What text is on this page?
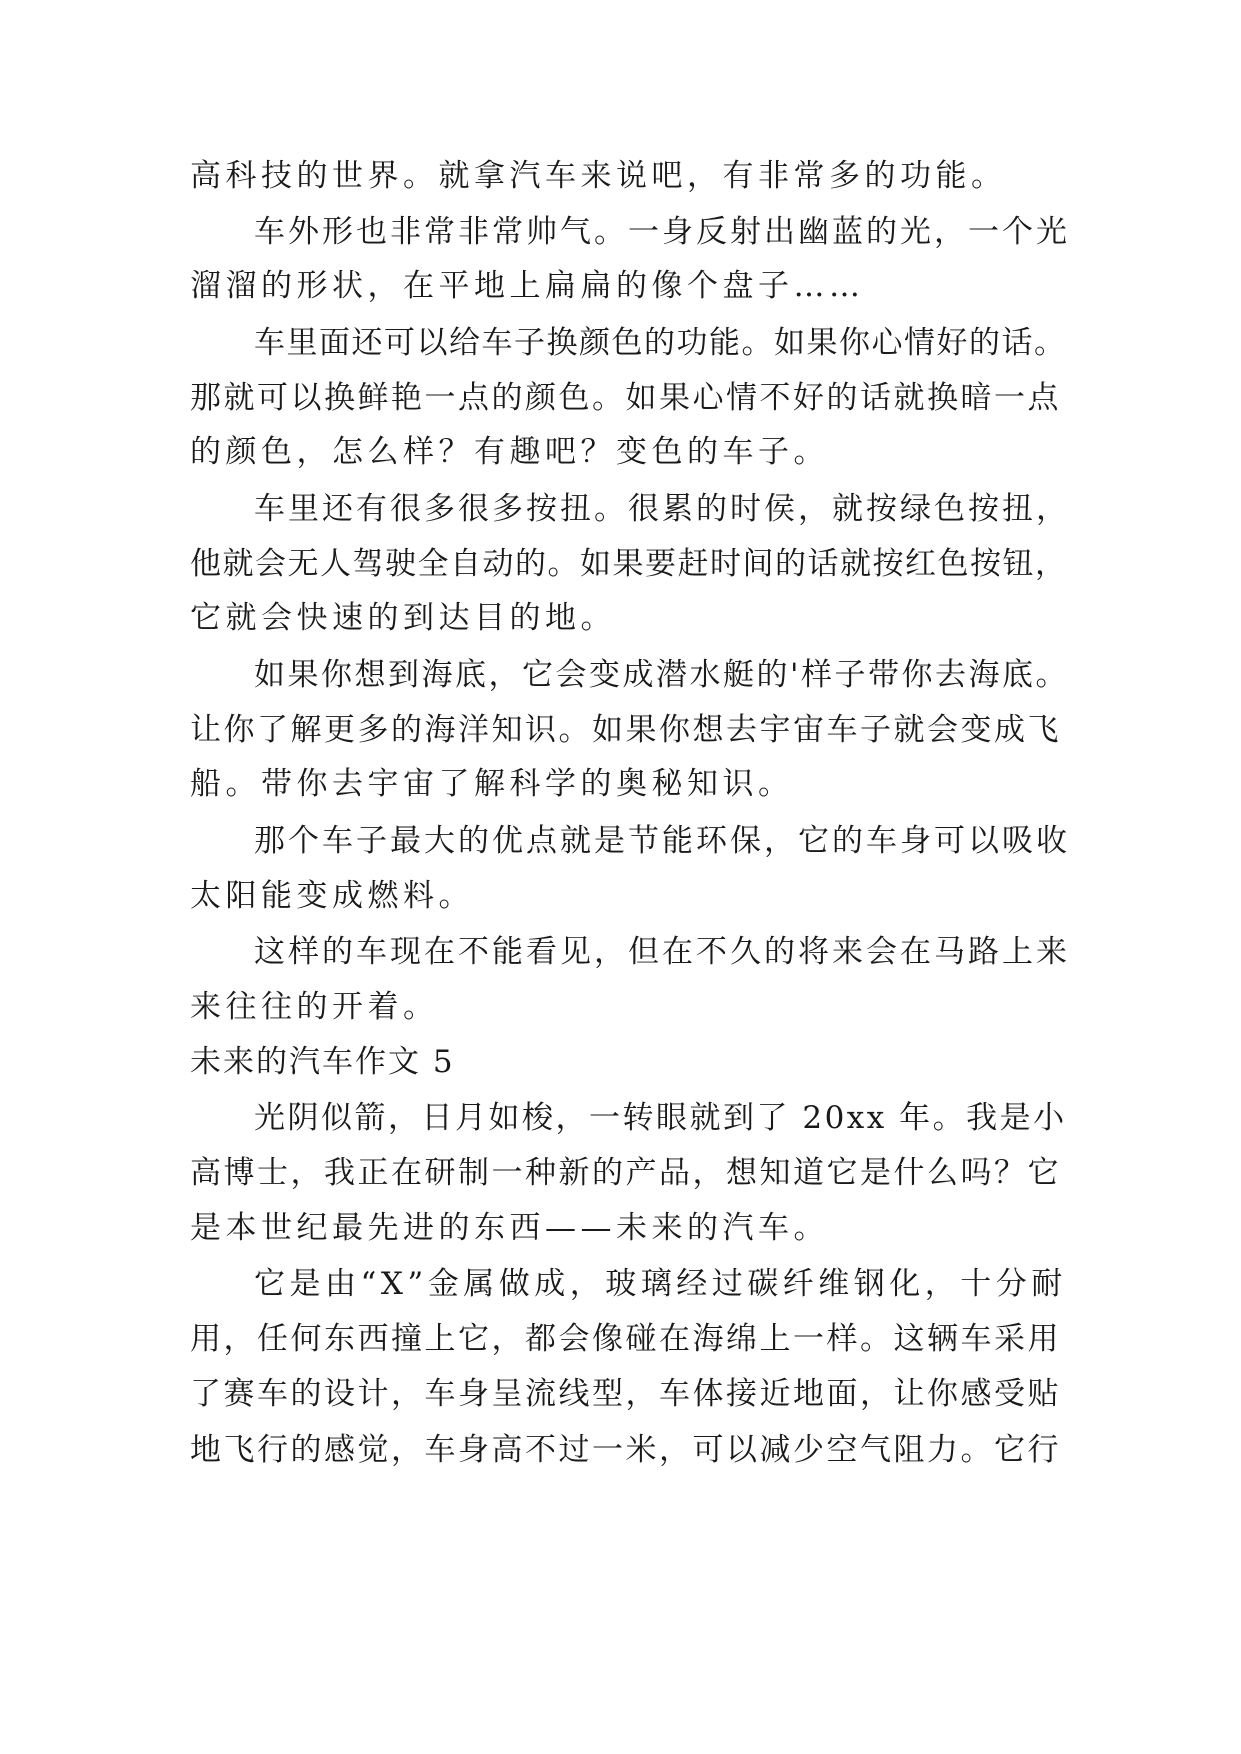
高科技的世界。就拿汽车来说吧，有非常多的功能。
车外形也非常非常帅气。一身反射出幽蓝的光，一个光
溜溜的形状，在平地上扁扁的像个盘子……
车里面还可以给车子换颜色的功能。如果你心情好的话。
那就可以换鲜艳一点的颜色。如果心情不好的话就换暗一点
的颜色，怎么样？有趣吧？变色的车子。
车里还有很多很多按扭。很累的时侯，就按绿色按扭，
他就会无人驾驶全自动的。如果要赶时间的话就按红色按钮，
它就会快速的到达目的地。
如果你想到海底，它会变成潜水艇的'样子带你去海底。
让你了解更多的海洋知识。如果你想去宇宙车子就会变成飞
船。带你去宇宙了解科学的奥秘知识。
那个车子最大的优点就是节能环保，它的车身可以吸收
太阳能变成燃料。
这样的车现在不能看见，但在不久的将来会在马路上来
来往往的开着。
未来的汽车作文 5
光阴似箭，日月如梭，一转眼就到了 20xx 年。我是小
高博士，我正在研制一种新的产品，想知道它是什么吗？它
是本世纪最先进的东西——未来的汽车。
它是由“X”金属做成，玻璃经过碳纤维钢化，十分耐
用，任何东西撞上它，都会像碰在海绵上一样。这辆车采用
了赛车的设计，车身呈流线型，车体接近地面，让你感受贴
地飞行的感觉，车身高不过一米，可以减少空气阻力。它行
